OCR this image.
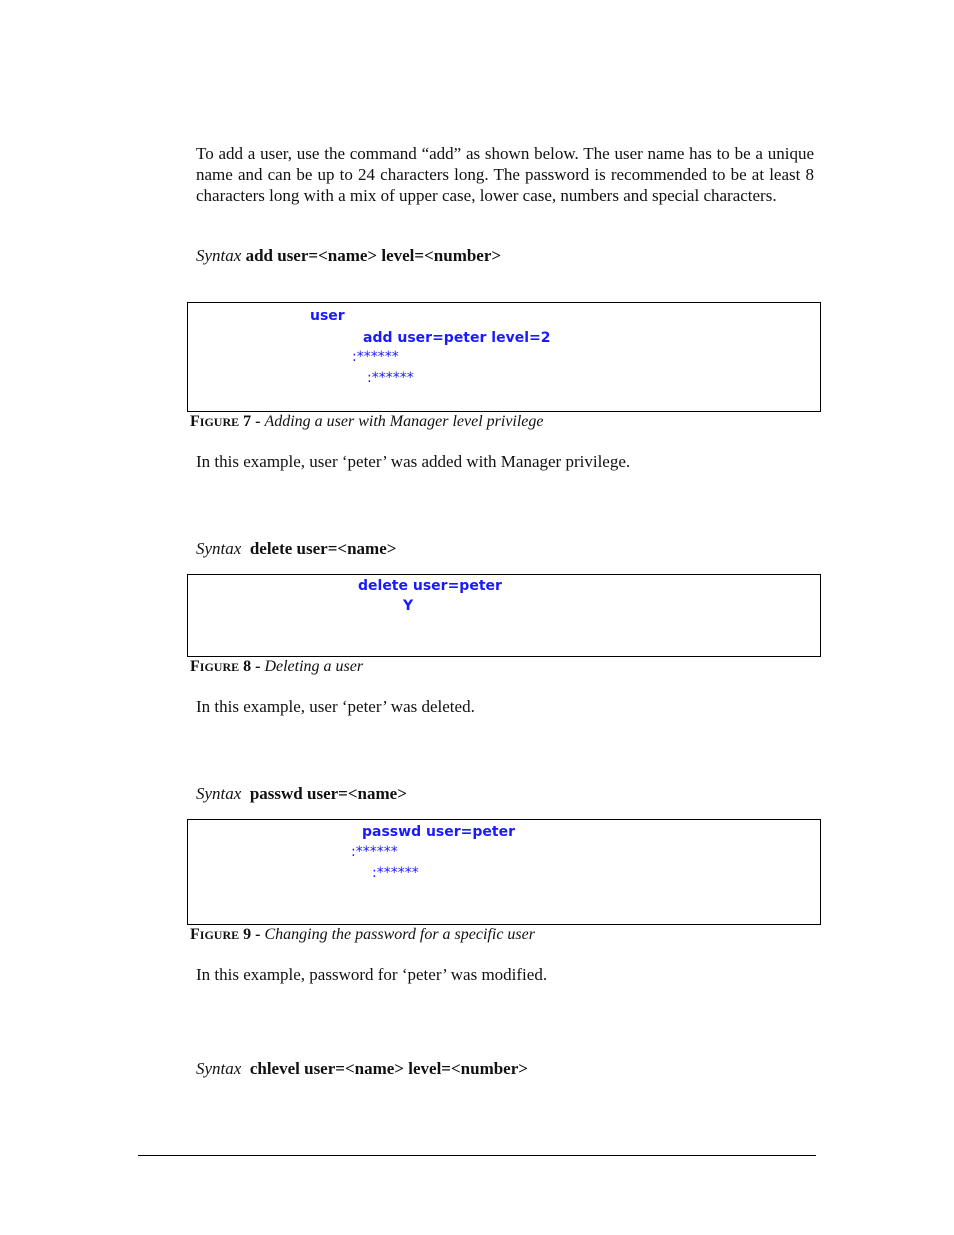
To add a user, use the command “add” as shown below. The user name has to be a unique name and can be up to 24 characters long. The password is recommended to be at least 8 characters long with a mix of upper case, lower case, numbers and special characters.
Syntax add user=<name> level=<number>
user
add user=peter level=2
:******
:******
FIGURE 7 - Adding a user with Manager level privilege
In this example, user ‘peter’ was added with Manager privilege.
Syntax delete user=<name>
delete user=peter
Y
FIGURE 8 - Deleting a user
In this example, user ‘peter’ was deleted.
Syntax passwd user=<name>
passwd user=peter
:******
:******
FIGURE 9 - Changing the password for a specific user
In this example, password for ‘peter’ was modified.
Syntax chlevel user=<name> level=<number>
